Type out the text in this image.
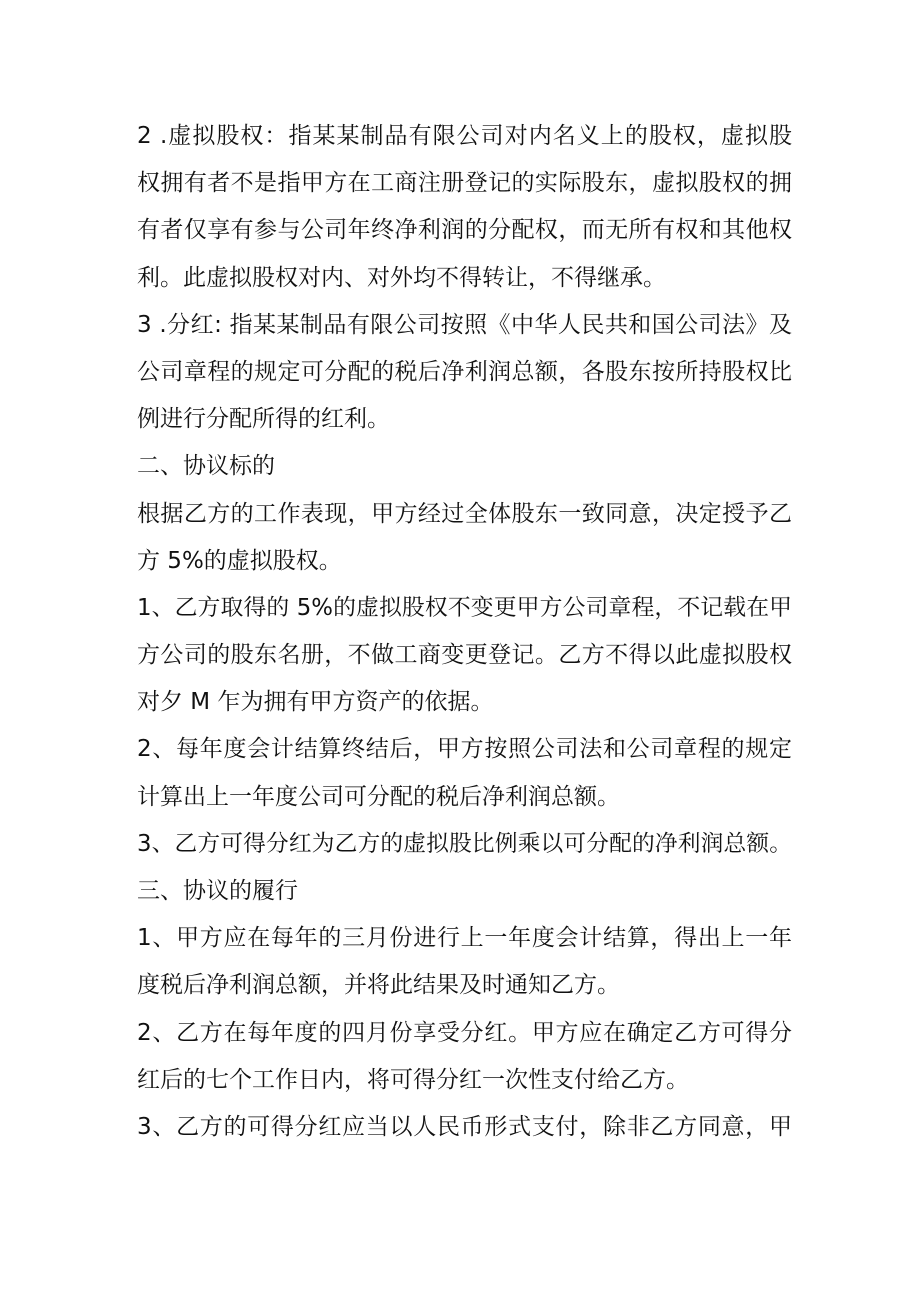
2 .虚拟股权：指某某制品有限公司对内名义上的股权，虚拟股
权拥有者不是指甲方在工商注册登记的实际股东，虚拟股权的拥
有者仅享有参与公司年终净利润的分配权，而无所有权和其他权
利。此虚拟股权对内、对外均不得转让，不得继承。
3 .分红: 指某某制品有限公司按照《中华人民共和国公司法》及
公司章程的规定可分配的税后净利润总额，各股东按所持股权比
例进行分配所得的红利。
二、协议标的
根据乙方的工作表现，甲方经过全体股东一致同意，决定授予乙
方 5%的虚拟股权。
1、乙方取得的 5%的虚拟股权不变更甲方公司章程，不记载在甲
方公司的股东名册，不做工商变更登记。乙方不得以此虚拟股权
对夕 M 乍为拥有甲方资产的依据。
2、每年度会计结算终结后，甲方按照公司法和公司章程的规定
计算出上一年度公司可分配的税后净利润总额。
3、乙方可得分红为乙方的虚拟股比例乘以可分配的净利润总额。
三、协议的履行
1、甲方应在每年的三月份进行上一年度会计结算，得出上一年
度税后净利润总额，并将此结果及时通知乙方。
2、乙方在每年度的四月份享受分红。甲方应在确定乙方可得分
红后的七个工作日内，将可得分红一次性支付给乙方。
3、乙方的可得分红应当以人民币形式支付，除非乙方同意，甲
